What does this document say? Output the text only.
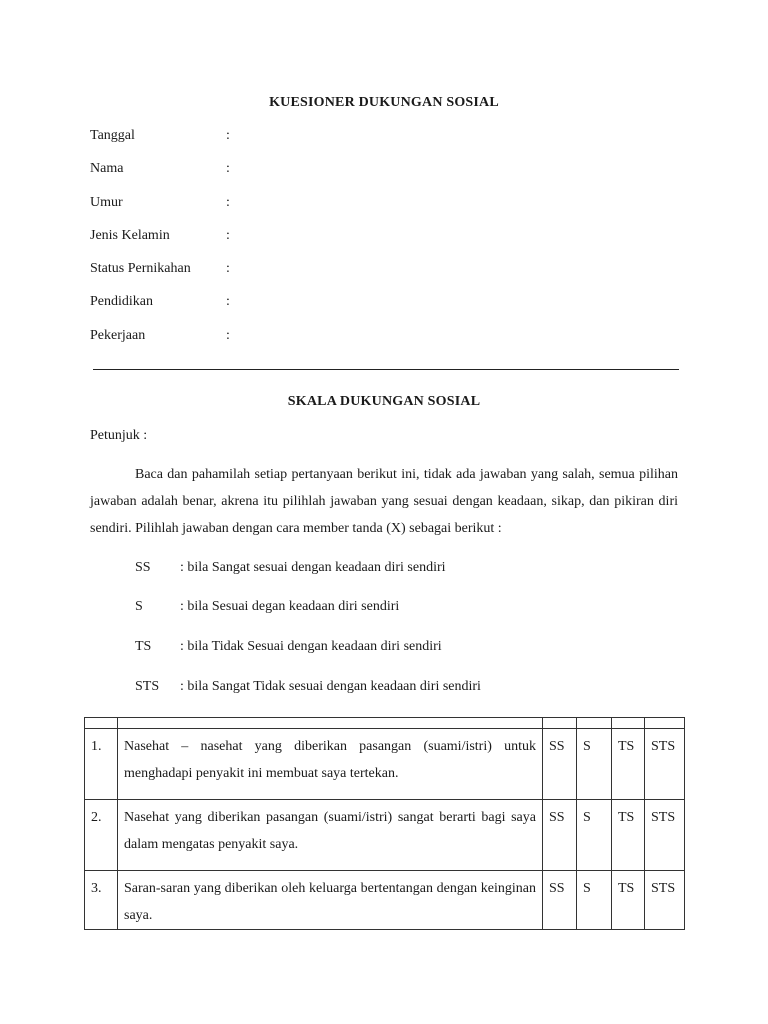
KUESIONER DUKUNGAN SOSIAL
Tanggal	:
Nama	:
Umur	:
Jenis Kelamin	:
Status Pernikahan	:
Pendidikan	:
Pekerjaan	:
SKALA DUKUNGAN SOSIAL
Petunjuk :
Baca dan pahamilah setiap pertanyaan berikut ini, tidak ada jawaban yang salah, semua pilihan jawaban adalah benar, akrena itu pilihlah jawaban yang sesuai dengan keadaan, sikap, dan pikiran diri sendiri. Pilihlah jawaban dengan cara member tanda (X) sebagai berikut :
SS : bila Sangat sesuai dengan keadaan diri sendiri
S	: bila Sesuai degan keadaan diri sendiri
TS : bila Tidak Sesuai dengan keadaan diri sendiri
STS : bila Sangat Tidak sesuai dengan keadaan diri sendiri

1.	Nasehat – nasehat yang diberikan pasangan (suami/istri) untuk menghadapi penyakit ini membuat saya tertekan.	SS	S	TS	STS
2.	Nasehat yang diberikan pasangan (suami/istri) sangat berarti bagi saya dalam mengatas penyakit saya.	SS	S	TS	STS
3.	Saran-saran yang diberikan oleh keluarga bertentangan dengan keinginan saya.	SS	S	TS	STS
